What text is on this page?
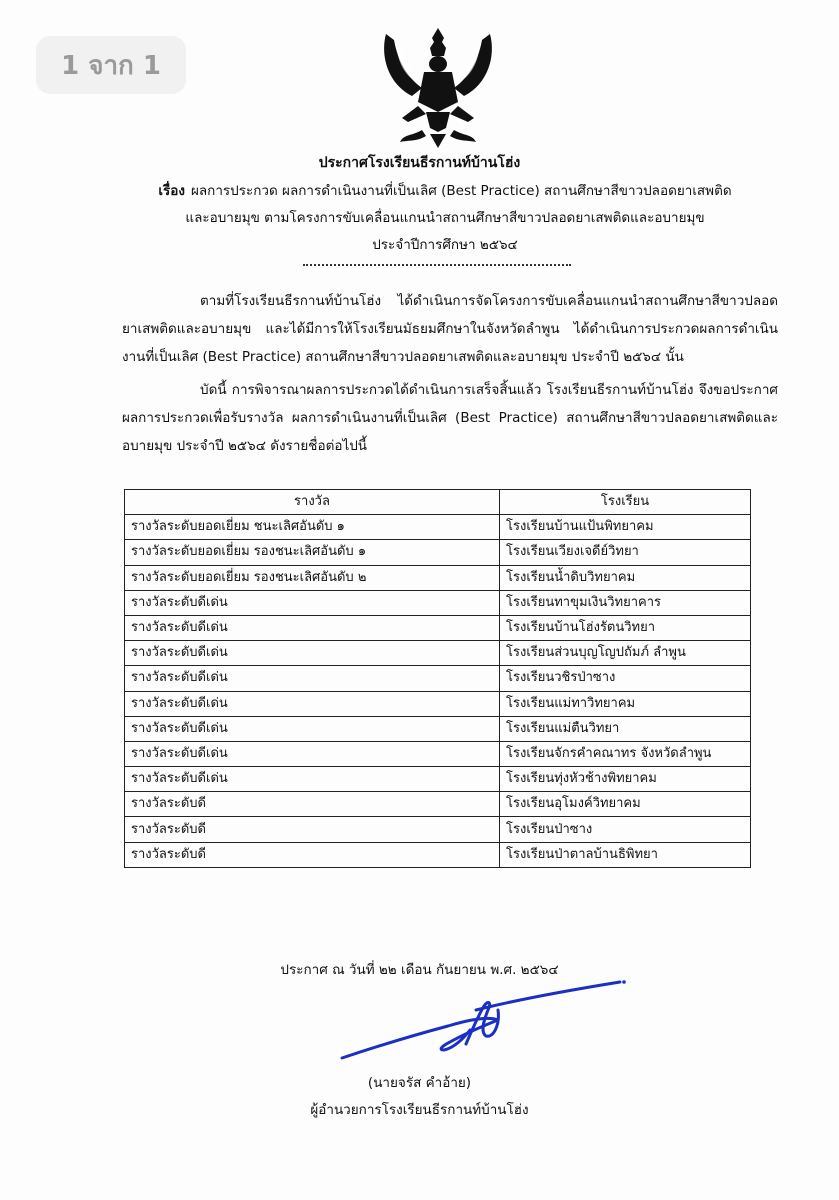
1 จาก 1
ประกาศโรงเรียนธีรกานท์บ้านโฮ่ง
เรื่อง ผลการประกวด ผลการดำเนินงานที่เป็นเลิศ (Best Practice) สถานศึกษาสีขาวปลอดยาเสพติด
และอบายมุข ตามโครงการขับเคลื่อนแกนนำสถานศึกษาสีขาวปลอดยาเสพติดและอบายมุข
ประจำปีการศึกษา ๒๕๖๔
ตามที่โรงเรียนธีรกานท์บ้านโฮ่ง ได้ดำเนินการจัดโครงการขับเคลื่อนแกนนำสถานศึกษาสีขาวปลอดยาเสพติดและอบายมุข และได้มีการให้โรงเรียนมัธยมศึกษาในจังหวัดลำพูน ได้ดำเนินการประกวดผลการดำเนินงานที่เป็นเลิศ (Best Practice) สถานศึกษาสีขาวปลอดยาเสพติดและอบายมุข ประจำปี ๒๕๖๔ นั้น
บัดนี้ การพิจารณาผลการประกวดได้ดำเนินการเสร็จสิ้นแล้ว โรงเรียนธีรกานท์บ้านโฮ่ง จึงขอประกาศผลการประกวดเพื่อรับรางวัล ผลการดำเนินงานที่เป็นเลิศ (Best Practice) สถานศึกษาสีขาวปลอดยาเสพติดและอบายมุข ประจำปี ๒๕๖๔ ดังรายชื่อต่อไปนี้
รางวัล	โรงเรียน
รางวัลระดับยอดเยี่ยม ชนะเลิศอันดับ ๑	โรงเรียนบ้านแป้นพิทยาคม
รางวัลระดับยอดเยี่ยม รองชนะเลิศอันดับ ๑	โรงเรียนเวียงเจดีย์วิทยา
รางวัลระดับยอดเยี่ยม รองชนะเลิศอันดับ ๒	โรงเรียนน้ำดิบวิทยาคม
รางวัลระดับดีเด่น	โรงเรียนทาขุมเงินวิทยาคาร
รางวัลระดับดีเด่น	โรงเรียนบ้านโฮ่งรัตนวิทยา
รางวัลระดับดีเด่น	โรงเรียนส่วนบุญโญปถัมภ์ ลำพูน
รางวัลระดับดีเด่น	โรงเรียนวชิรป่าซาง
รางวัลระดับดีเด่น	โรงเรียนแม่ทาวิทยาคม
รางวัลระดับดีเด่น	โรงเรียนแม่ตืนวิทยา
รางวัลระดับดีเด่น	โรงเรียนจักรคำคณาทร จังหวัดลำพูน
รางวัลระดับดีเด่น	โรงเรียนทุ่งหัวช้างพิทยาคม
รางวัลระดับดี	โรงเรียนอุโมงค์วิทยาคม
รางวัลระดับดี	โรงเรียนป่าซาง
รางวัลระดับดี	โรงเรียนป่าตาลบ้านธิพิทยา
ประกาศ ณ วันที่ ๒๒ เดือน กันยายน พ.ศ. ๒๕๖๔
(นายจรัส คำอ้าย)
ผู้อำนวยการโรงเรียนธีรกานท์บ้านโฮ่ง
